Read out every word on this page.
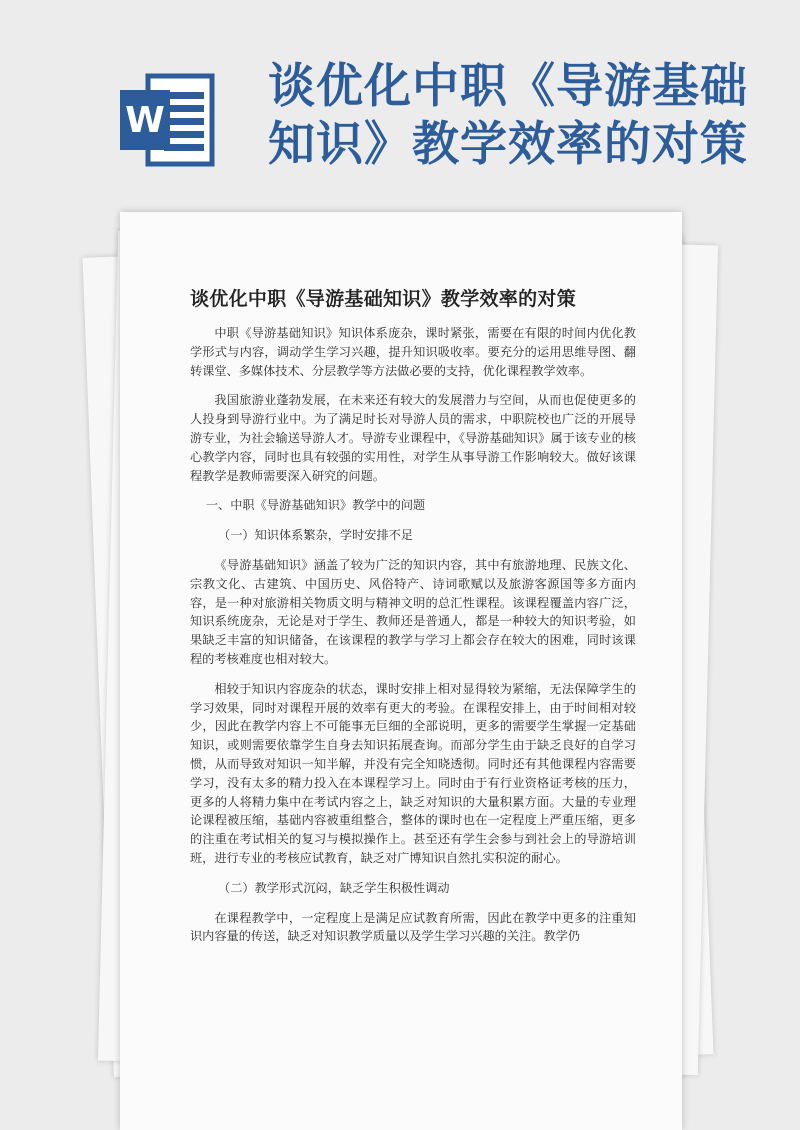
W
谈优化中职《导游基础
知识》教学效率的对策
谈优化中职《导游基础知识》教学效率的对策

中职《导游基础知识》知识体系庞杂，课时紧张，需要在有限的时间内优化教学形式与内容，调动学生学习兴趣，提升知识吸收率。要充分的运用思维导图、翻转课堂、多媒体技术、分层教学等方法做必要的支持，优化课程教学效率。

我国旅游业蓬勃发展，在未来还有较大的发展潜力与空间，从而也促使更多的人投身到导游行业中。为了满足时长对导游人员的需求，中职院校也广泛的开展导游专业，为社会输送导游人才。导游专业课程中，《导游基础知识》属于该专业的核心教学内容，同时也具有较强的实用性，对学生从事导游工作影响较大。做好该课程教学是教师需要深入研究的问题。

一、中职《导游基础知识》教学中的问题

（一）知识体系繁杂，学时安排不足

《导游基础知识》涵盖了较为广泛的知识内容，其中有旅游地理、民族文化、宗教文化、古建筑、中国历史、风俗特产、诗词歌赋以及旅游客源国等多方面内容，是一种对旅游相关物质文明与精神文明的总汇性课程。该课程覆盖内容广泛，知识系统庞杂，无论是对于学生、教师还是普通人，都是一种较大的知识考验，如果缺乏丰富的知识储备，在该课程的教学与学习上都会存在较大的困难，同时该课程的考核难度也相对较大。

相较于知识内容庞杂的状态，课时安排上相对显得较为紧缩，无法保障学生的学习效果，同时对课程开展的效率有更大的考验。在课程安排上，由于时间相对较少，因此在教学内容上不可能事无巨细的全部说明，更多的需要学生掌握一定基础知识，或则需要依靠学生自身去知识拓展查询。而部分学生由于缺乏良好的自学习惯，从而导致对知识一知半解，并没有完全知晓透彻。同时还有其他课程内容需要学习，没有太多的精力投入在本课程学习上。同时由于有行业资格证考核的压力，更多的人将精力集中在考试内容之上，缺乏对知识的大量积累方面。大量的专业理论课程被压缩，基础内容被重组整合，整体的课时也在一定程度上严重压缩，更多的注重在考试相关的复习与模拟操作上。甚至还有学生会参与到社会上的导游培训班，进行专业的考核应试教育，缺乏对广博知识自然扎实积淀的耐心。

（二）教学形式沉闷，缺乏学生积极性调动

在课程教学中，一定程度上是满足应试教育所需，因此在教学中更多的注重知识内容量的传送，缺乏对知识教学质量以及学生学习兴趣的关注。教学仍
